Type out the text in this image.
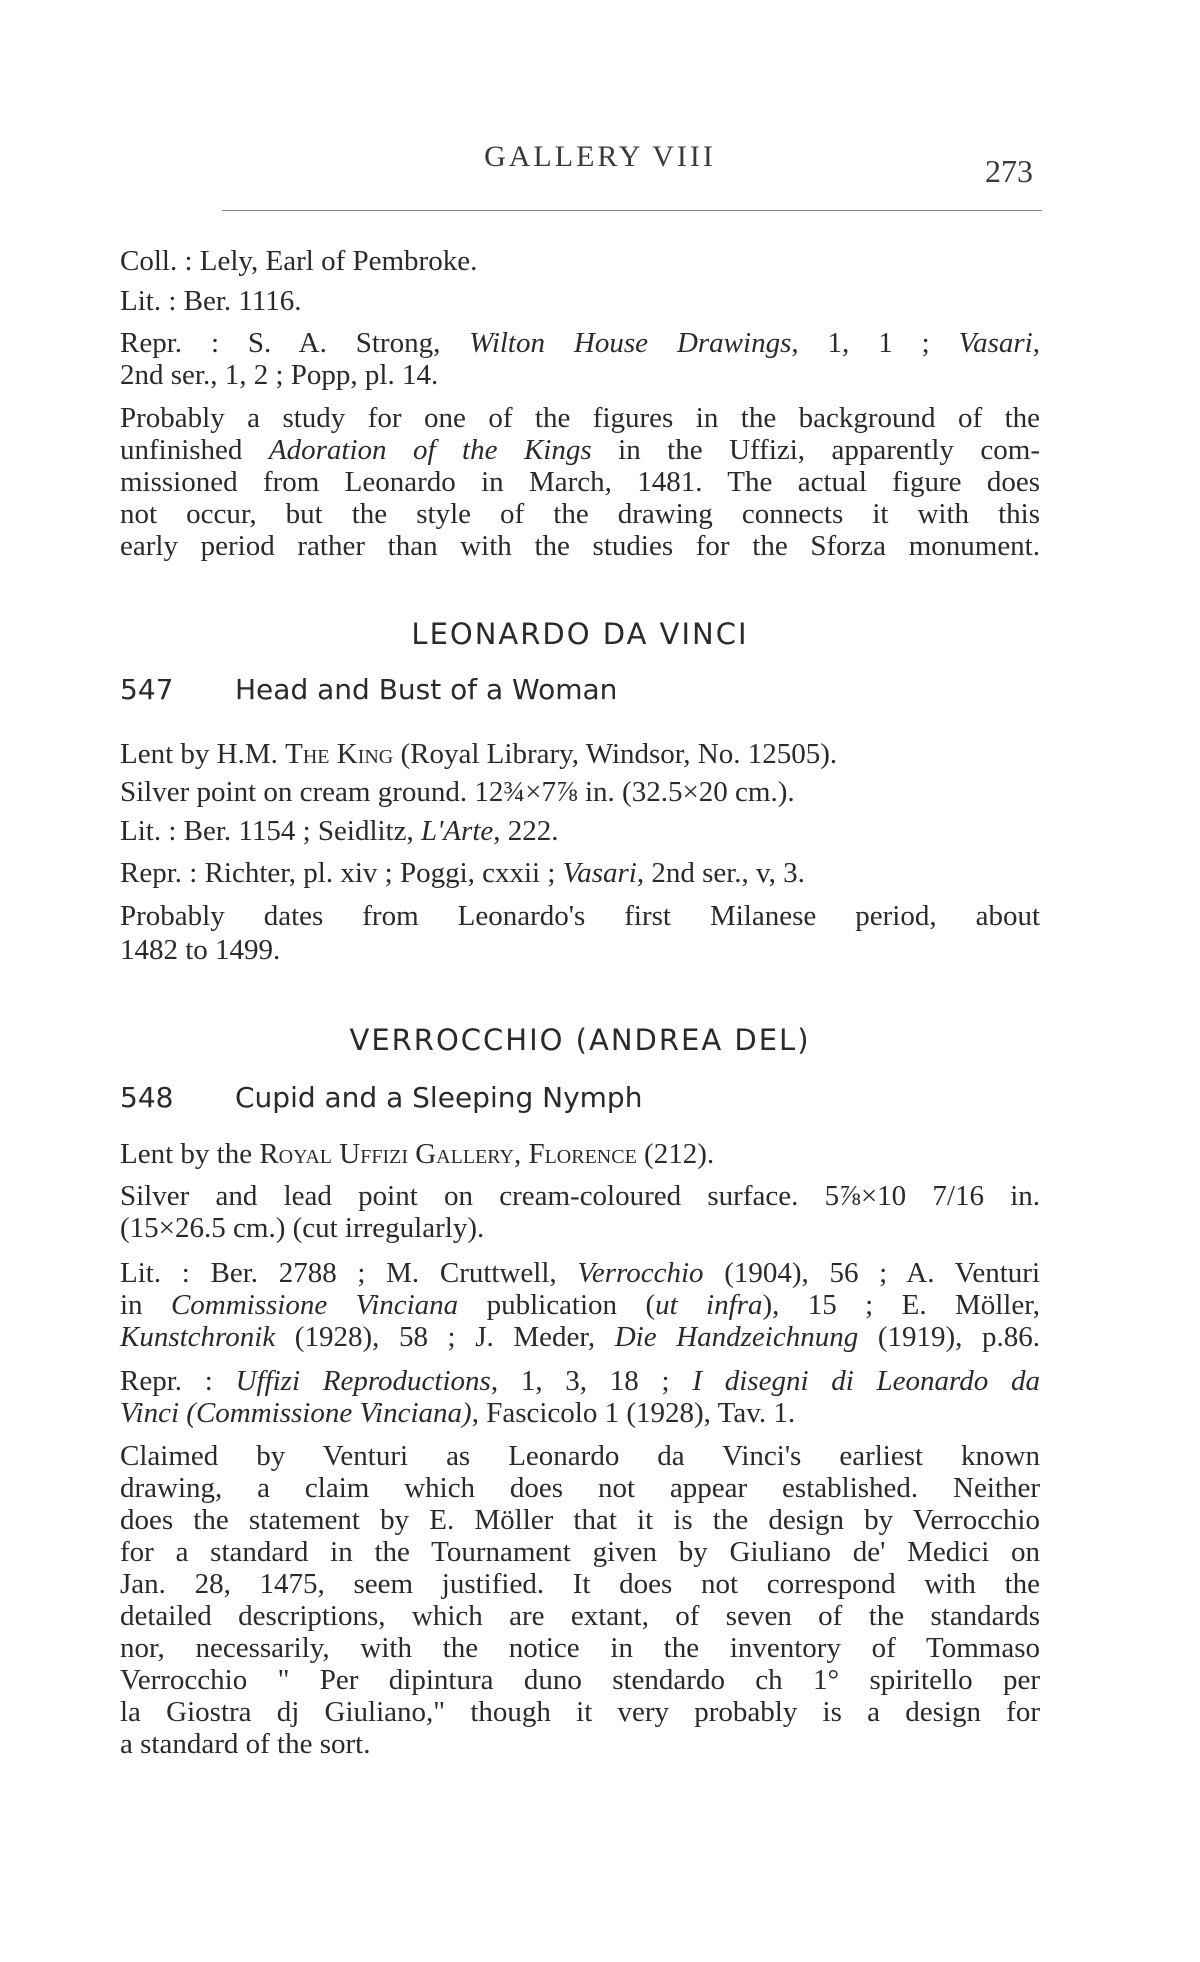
GALLERY VIII	273
Coll. : Lely, Earl of Pembroke.
Lit. : Ber. 1116.
Repr. : S. A. Strong, Wilton House Drawings, 1, 1 ; Vasari,
2nd ser., 1, 2 ; Popp, pl. 14.
Probably a study for one of the figures in the background of the
unfinished Adoration of the Kings in the Uffizi, apparently com-
missioned from Leonardo in March, 1481. The actual figure does
not occur, but the style of the drawing connects it with this
early period rather than with the studies for the Sforza monument.
LEONARDO DA VINCI
547 Head and Bust of a Woman
Lent by H.M. The King (Royal Library, Windsor, No. 12505).
Silver point on cream ground. 12¾×7⅞ in. (32.5×20 cm.).
Lit. : Ber. 1154 ; Seidlitz, L'Arte, 222.
Repr. : Richter, pl. xiv ; Poggi, cxxii ; Vasari, 2nd ser., v, 3.
Probably dates from Leonardo's first Milanese period, about
1482 to 1499.
VERROCCHIO (ANDREA DEL)
548 Cupid and a Sleeping Nymph
Lent by the Royal Uffizi Gallery, Florence (212).
Silver and lead point on cream-coloured surface. 5⅞×10 7/16 in.
(15×26.5 cm.) (cut irregularly).
Lit. : Ber. 2788 ; M. Cruttwell, Verrocchio (1904), 56 ; A. Venturi
in Commissione Vinciana publication (ut infra), 15 ; E. Möller,
Kunstchronik (1928), 58 ; J. Meder, Die Handzeichnung (1919), p.86.
Repr. : Uffizi Reproductions, 1, 3, 18 ; I disegni di Leonardo da
Vinci (Commissione Vinciana), Fascicolo 1 (1928), Tav. 1.
Claimed by Venturi as Leonardo da Vinci's earliest known
drawing, a claim which does not appear established. Neither
does the statement by E. Möller that it is the design by Verrocchio
for a standard in the Tournament given by Giuliano de' Medici on
Jan. 28, 1475, seem justified. It does not correspond with the
detailed descriptions, which are extant, of seven of the standards
nor, necessarily, with the notice in the inventory of Tommaso
Verrocchio " Per dipintura duno stendardo ch 1° spiritello per
la Giostra dj Giuliano," though it very probably is a design for
a standard of the sort.
